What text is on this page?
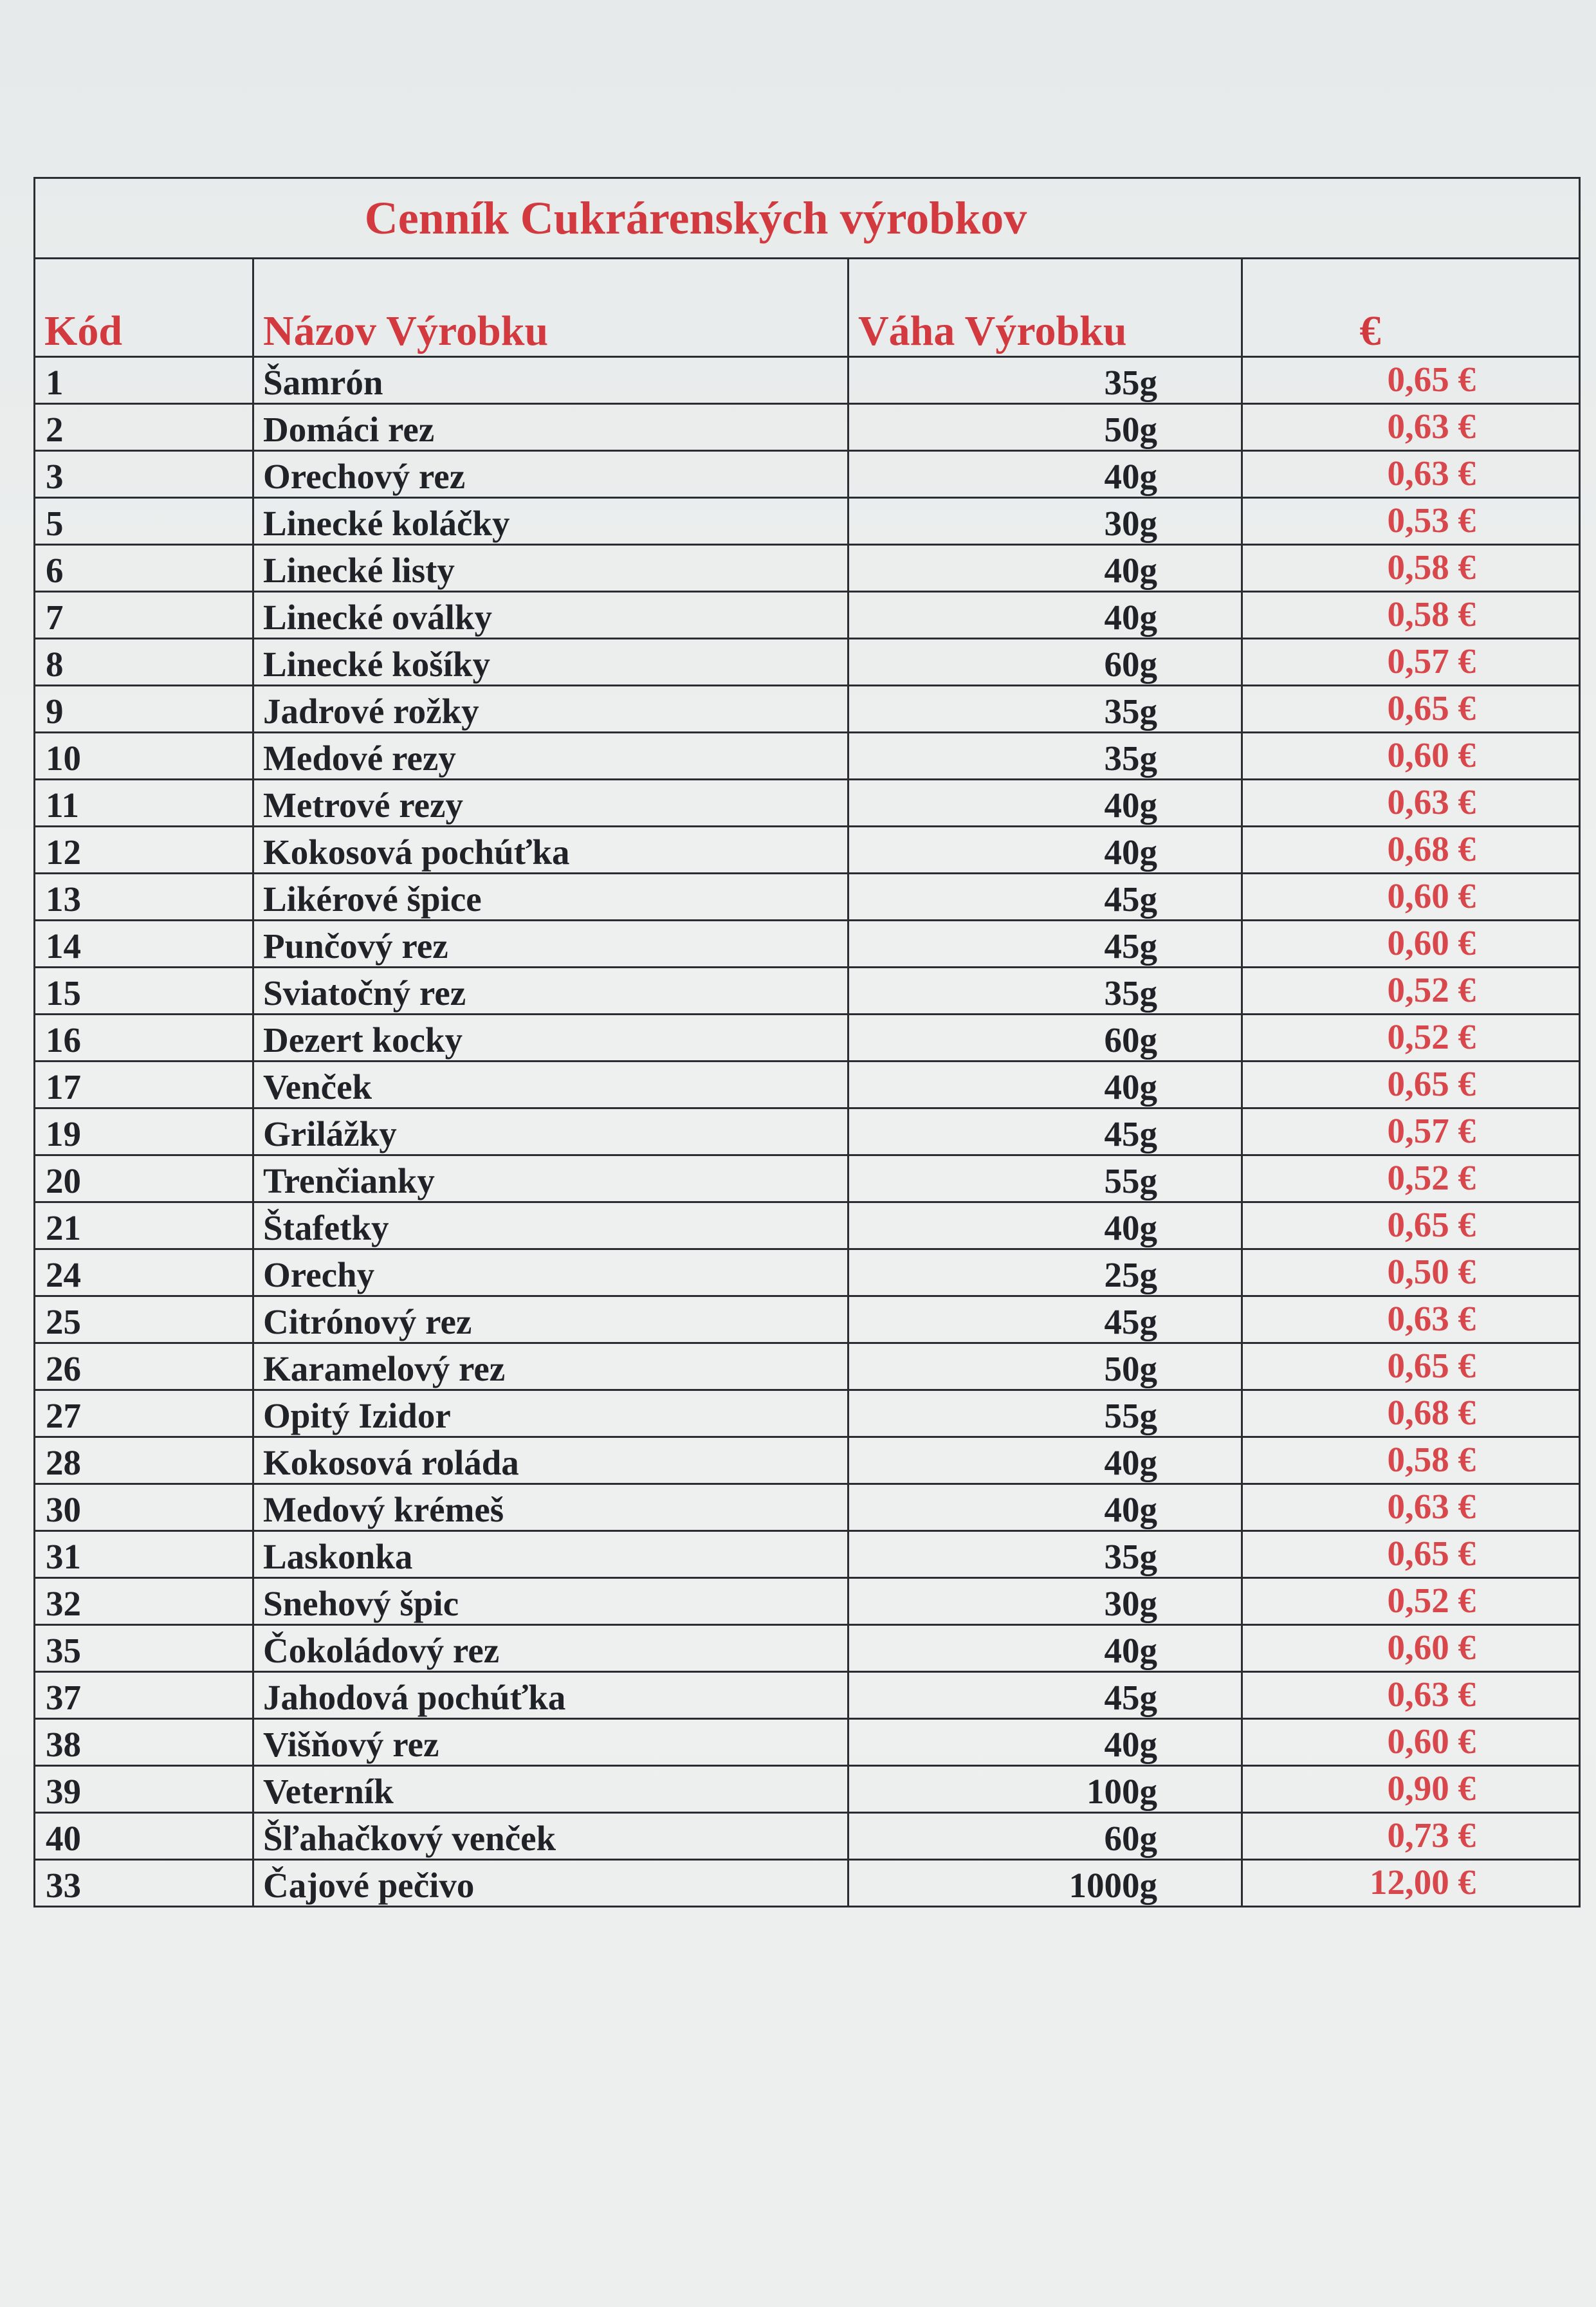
Cenník Cukrárenských výrobkov			
Kód	Názov Výrobku	Váha Výrobku	€
1	Šamrón	35g	0,65 €
2	Domáci rez	50g	0,63 €
3	Orechový rez	40g	0,63 €
5	Linecké koláčky	30g	0,53 €
6	Linecké listy	40g	0,58 €
7	Linecké oválky	40g	0,58 €
8	Linecké košíky	60g	0,57 €
9	Jadrové rožky	35g	0,65 €
10	Medové rezy	35g	0,60 €
11	Metrové rezy	40g	0,63 €
12	Kokosová pochúťka	40g	0,68 €
13	Likérové špice	45g	0,60 €
14	Punčový rez	45g	0,60 €
15	Sviatočný rez	35g	0,52 €
16	Dezert kocky	60g	0,52 €
17	Venček	40g	0,65 €
19	Grilážky	45g	0,57 €
20	Trenčianky	55g	0,52 €
21	Štafetky	40g	0,65 €
24	Orechy	25g	0,50 €
25	Citrónový rez	45g	0,63 €
26	Karamelový rez	50g	0,65 €
27	Opitý Izidor	55g	0,68 €
28	Kokosová roláda	40g	0,58 €
30	Medový krémeš	40g	0,63 €
31	Laskonka	35g	0,65 €
32	Snehový špic	30g	0,52 €
35	Čokoládový rez	40g	0,60 €
37	Jahodová pochúťka	45g	0,63 €
38	Višňový rez	40g	0,60 €
39	Veterník	100g	0,90 €
40	Šľahačkový venček	60g	0,73 €
33	Čajové pečivo	1000g	12,00 €
